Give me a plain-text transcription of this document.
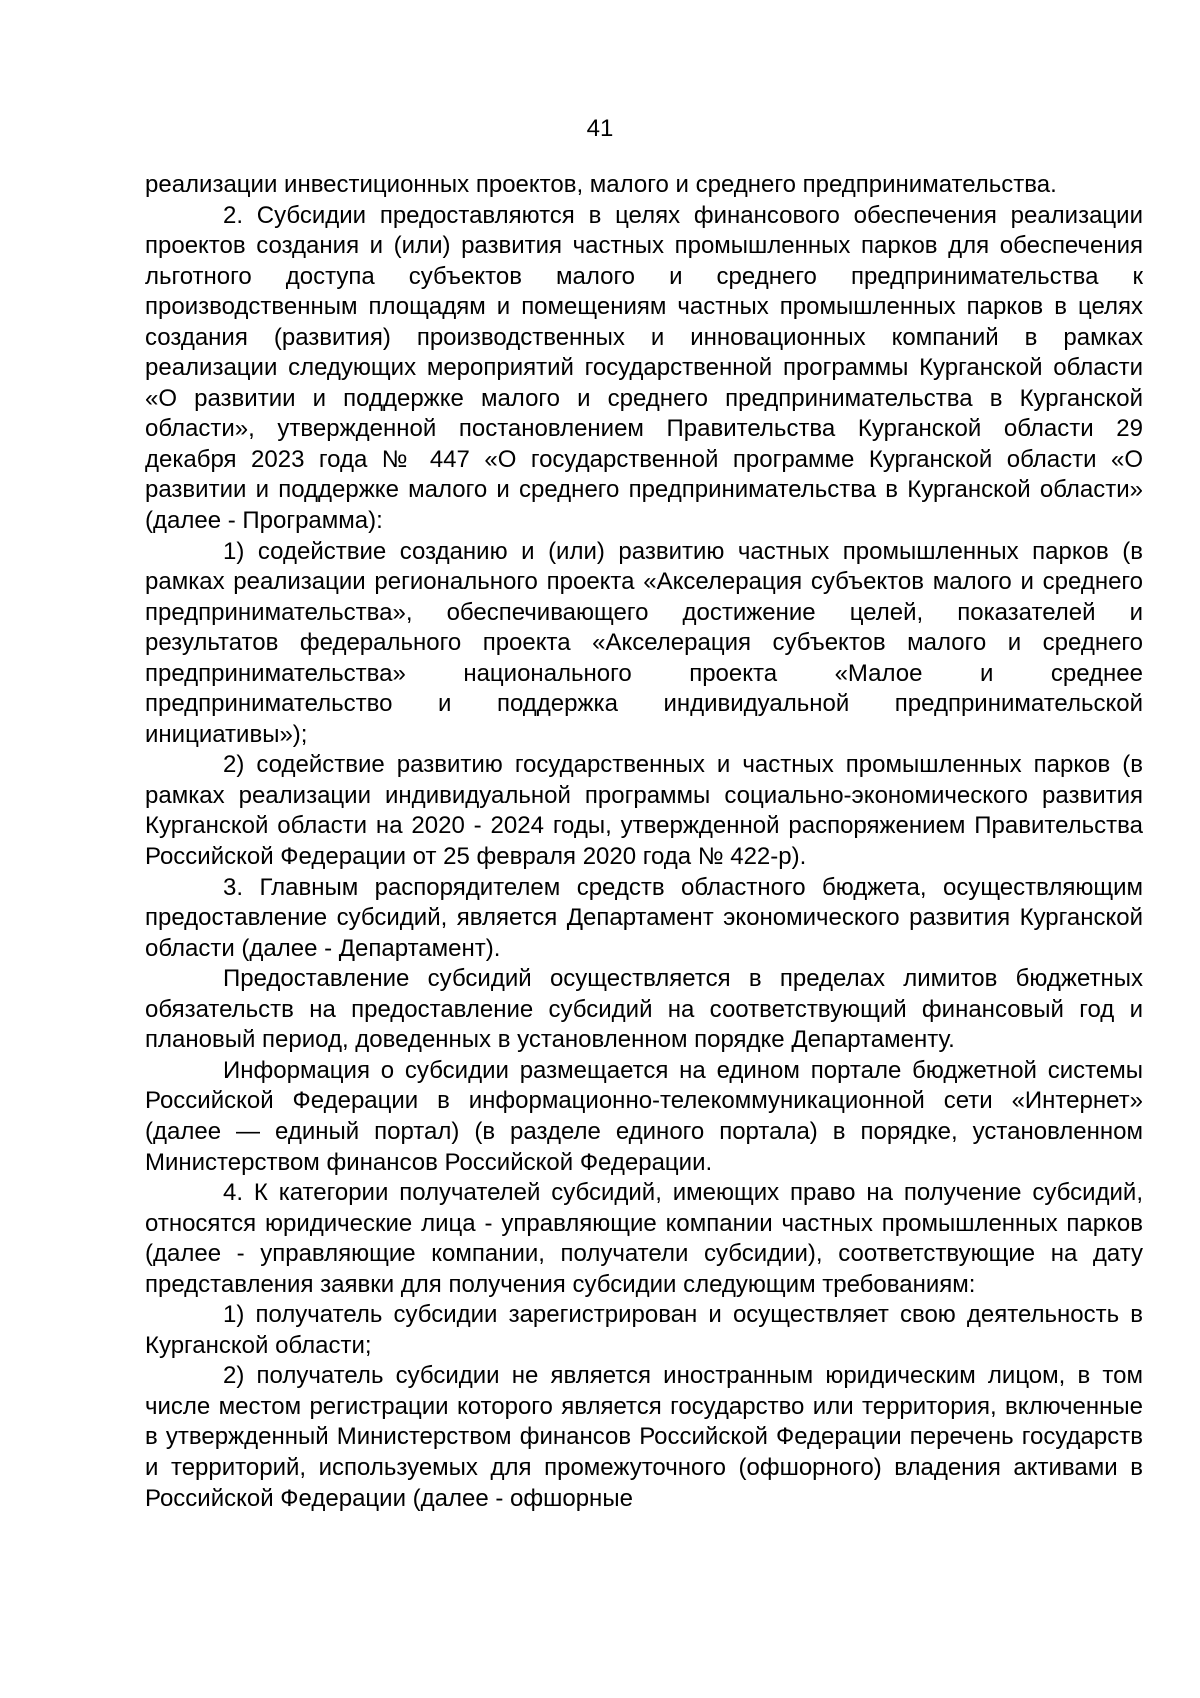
41

реализации инвестиционных проектов, малого и среднего предпринимательства.

2. Субсидии предоставляются в целях финансового обеспечения реализации проектов создания и (или) развития частных промышленных парков для обеспечения льготного доступа субъектов малого и среднего предпринимательства к производственным площадям и помещениям частных промышленных парков в целях создания (развития) производственных и инновационных компаний в рамках реализации следующих мероприятий государственной программы Курганской области «О развитии и поддержке малого и среднего предпринимательства в Курганской области», утвержденной постановлением Правительства Курганской области 29 декабря 2023 года № 447 «О государственной программе Курганской области «О развитии и поддержке малого и среднего предпринимательства в Курганской области» (далее - Программа):

1) содействие созданию и (или) развитию частных промышленных парков (в рамках реализации регионального проекта «Акселерация субъектов малого и среднего предпринимательства», обеспечивающего достижение целей, показателей и результатов федерального проекта «Акселерация субъектов малого и среднего предпринимательства» национального проекта «Малое и среднее предпринимательство и поддержка индивидуальной предпринимательской инициативы»);

2) содействие развитию государственных и частных промышленных парков (в рамках реализации индивидуальной программы социально-экономического развития Курганской области на 2020 - 2024 годы, утвержденной распоряжением Правительства Российской Федерации от 25 февраля 2020 года № 422-р).

3. Главным распорядителем средств областного бюджета, осуществляющим предоставление субсидий, является Департамент экономического развития Курганской области (далее - Департамент).

Предоставление субсидий осуществляется в пределах лимитов бюджетных обязательств на предоставление субсидий на соответствующий финансовый год и плановый период, доведенных в установленном порядке Департаменту.

Информация о субсидии размещается на едином портале бюджетной системы Российской Федерации в информационно-телекоммуникационной сети «Интернет» (далее — единый портал) (в разделе единого портала) в порядке, установленном Министерством финансов Российской Федерации.

4. К категории получателей субсидий, имеющих право на получение субсидий, относятся юридические лица - управляющие компании частных промышленных парков (далее - управляющие компании, получатели субсидии), соответствующие на дату представления заявки для получения субсидии следующим требованиям:

1) получатель субсидии зарегистрирован и осуществляет свою деятельность в Курганской области;

2) получатель субсидии не является иностранным юридическим лицом, в том числе местом регистрации которого является государство или территория, включенные в утвержденный Министерством финансов Российской Федерации перечень государств и территорий, используемых для промежуточного (офшорного) владения активами в Российской Федерации (далее - офшорные
